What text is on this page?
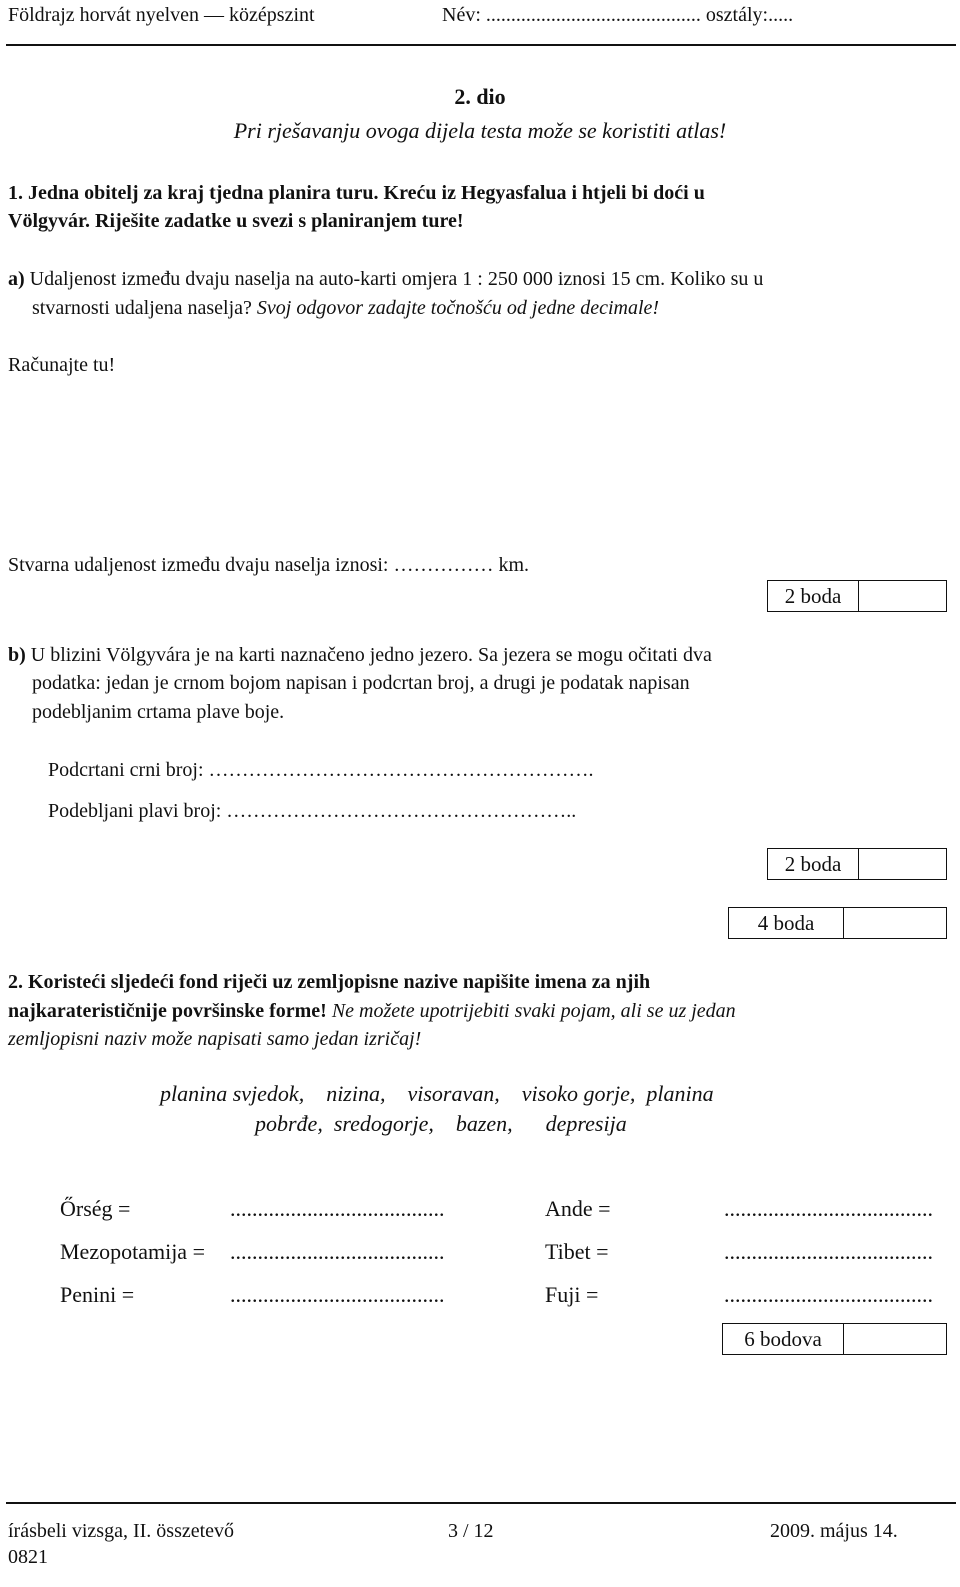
Földrajz horvát nyelven — középszint	Név: ........................................... osztály:.....
2. dio
Pri rješavanju ovoga dijela testa može se koristiti atlas!
1. Jedna obitelj za kraj tjedna planira turu. Kreću iz Hegyasfalua i htjeli bi doći u
Völgyvár. Riješite zadatke u svezi s planiranjem ture!
a) Udaljenost između dvaju naselja na auto-karti omjera 1 : 250 000 iznosi 15 cm. Koliko su u
stvarnosti udaljena naselja? Svoj odgovor zadajte točnošću od jedne decimale!
Računajte tu!
Stvarna udaljenost između dvaju naselja iznosi: …………… km.
2 boda
b) U blizini Völgyvára je na karti naznačeno jedno jezero. Sa jezera se mogu očitati dva
podatka: jedan je crnom bojom napisan i podcrtan broj, a drugi je podatak napisan
podebljanim crtama plave boje.
Podcrtani crni broj: ………………………………………………….
Podebljani plavi broj: ……………………………………………..
2 boda
4 boda
2. Koristeći sljedeći fond riječi uz zemljopisne nazive napišite imena za njih
najkaraterističnije površinske forme! Ne možete upotrijebiti svaki pojam, ali se uz jedan
zemljopisni naziv može napisati samo jedan izričaj!
planina svjedok,    nizina,    visoravan,    visoko gorje,  planina
pobrđe,  sredogorje,    bazen,      depresija
Őrség =	.......................................	Ande =	......................................
Mezopotamija = .......................................	Tibet =	......................................
Penini =	.......................................	Fuji =	......................................
6 bodova
írásbeli vizsga, II. összetevő	3 / 12	2009. május 14.
0821
